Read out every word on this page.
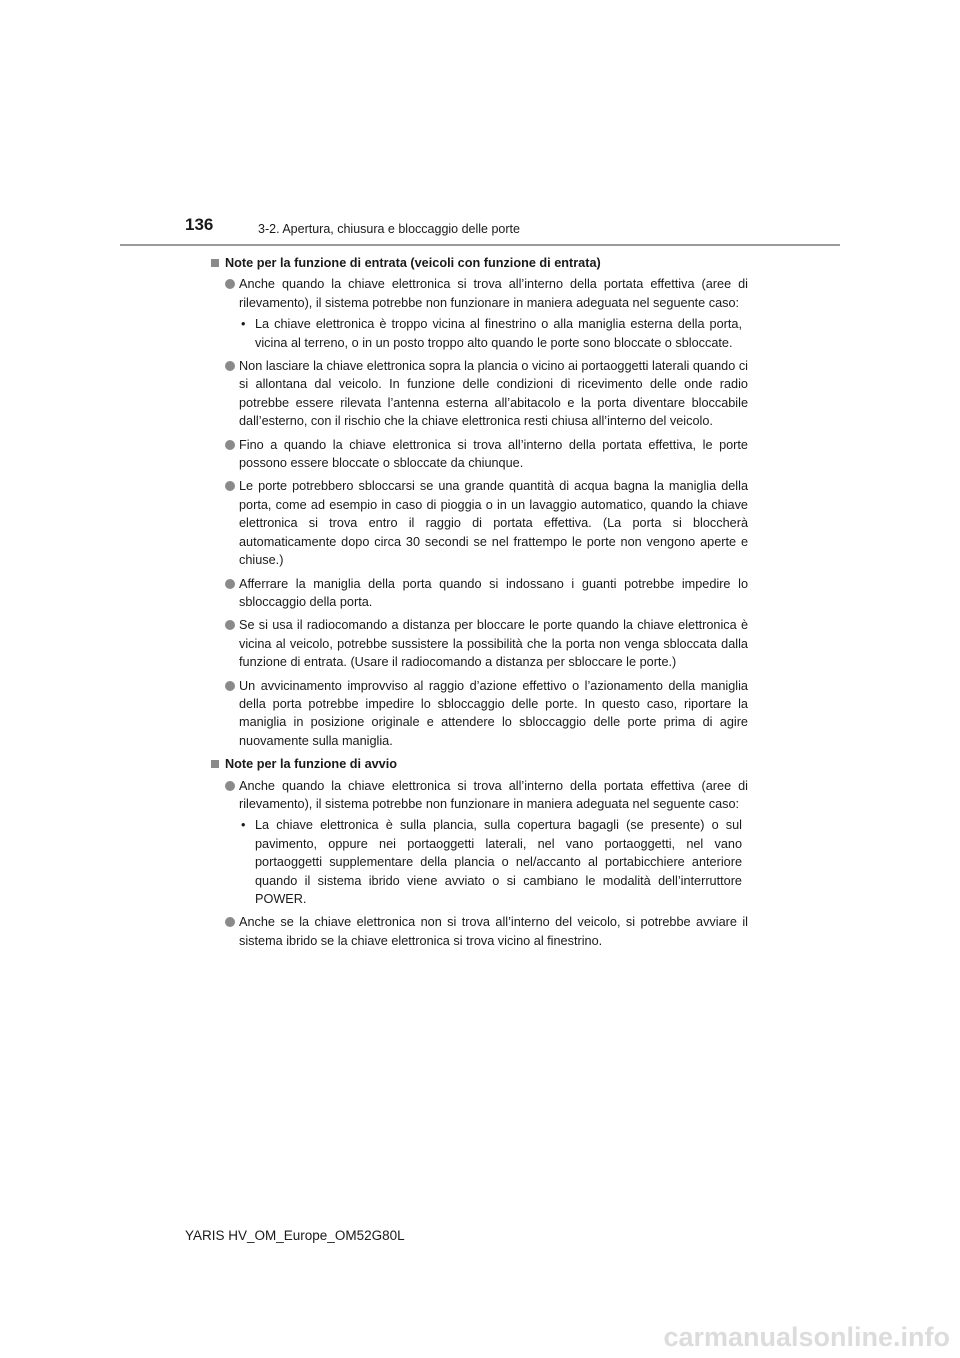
136	3-2. Apertura, chiusura e bloccaggio delle porte
Note per la funzione di entrata (veicoli con funzione di entrata)
Anche quando la chiave elettronica si trova all’interno della portata effettiva (aree di rilevamento), il sistema potrebbe non funzionare in maniera adeguata nel seguente caso:
• La chiave elettronica è troppo vicina al finestrino o alla maniglia esterna della porta, vicina al terreno, o in un posto troppo alto quando le porte sono bloccate o sbloccate.
Non lasciare la chiave elettronica sopra la plancia o vicino ai portaoggetti laterali quando ci si allontana dal veicolo. In funzione delle condizioni di ricevimento delle onde radio potrebbe essere rilevata l’antenna esterna all’abitacolo e la porta diventare bloccabile dall’esterno, con il rischio che la chiave elettronica resti chiusa all’interno del veicolo.
Fino a quando la chiave elettronica si trova all’interno della portata effettiva, le porte possono essere bloccate o sbloccate da chiunque.
Le porte potrebbero sbloccarsi se una grande quantità di acqua bagna la maniglia della porta, come ad esempio in caso di pioggia o in un lavaggio automatico, quando la chiave elettronica si trova entro il raggio di portata effettiva. (La porta si bloccherà automaticamente dopo circa 30 secondi se nel frattempo le porte non vengono aperte e chiuse.)
Afferrare la maniglia della porta quando si indossano i guanti potrebbe impedire lo sbloccaggio della porta.
Se si usa il radiocomando a distanza per bloccare le porte quando la chiave elettronica è vicina al veicolo, potrebbe sussistere la possibilità che la porta non venga sbloccata dalla funzione di entrata. (Usare il radiocomando a distanza per sbloccare le porte.)
Un avvicinamento improvviso al raggio d’azione effettivo o l’azionamento della maniglia della porta potrebbe impedire lo sbloccaggio delle porte. In questo caso, riportare la maniglia in posizione originale e attendere lo sbloccaggio delle porte prima di agire nuovamente sulla maniglia.
Note per la funzione di avvio
Anche quando la chiave elettronica si trova all’interno della portata effettiva (aree di rilevamento), il sistema potrebbe non funzionare in maniera adeguata nel seguente caso:
• La chiave elettronica è sulla plancia, sulla copertura bagagli (se presente) o sul pavimento, oppure nei portaoggetti laterali, nel vano portaoggetti, nel vano portaoggetti supplementare della plancia o nel/accanto al portabicchiere anteriore quando il sistema ibrido viene avviato o si cambiano le modalità dell’interruttore POWER.
Anche se la chiave elettronica non si trova all’interno del veicolo, si potrebbe avviare il sistema ibrido se la chiave elettronica si trova vicino al finestrino.
YARIS HV_OM_Europe_OM52G80L
carmanualsonline.info
